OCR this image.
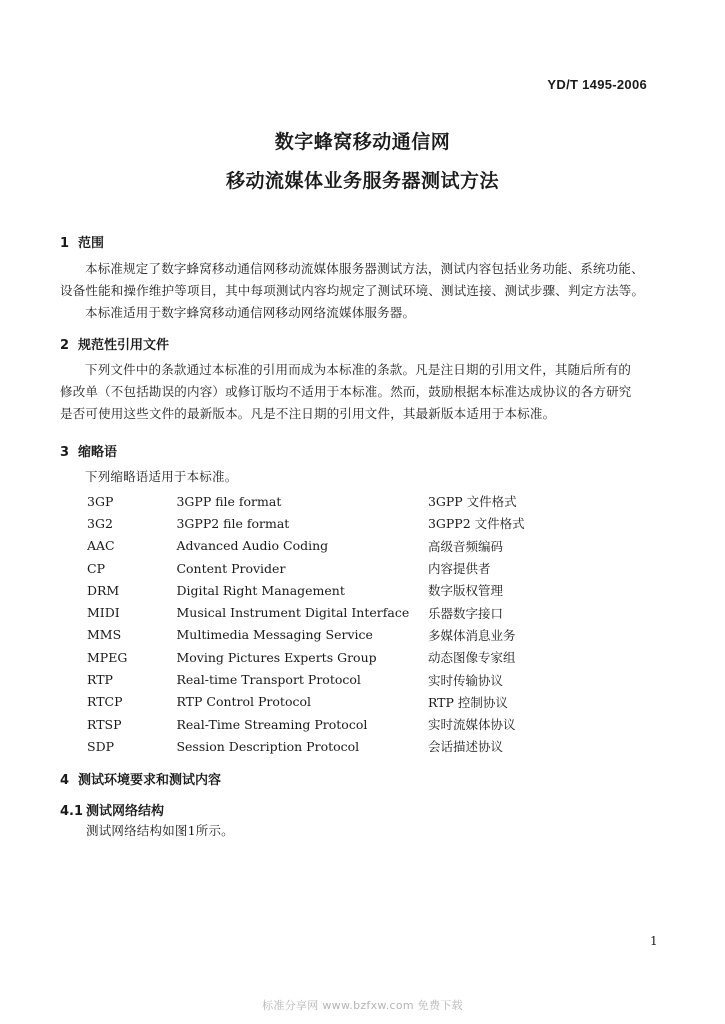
YD/T 1495-2006
数字蜂窝移动通信网
移动流媒体业务服务器测试方法
1 范围
本标准规定了数字蜂窝移动通信网移动流媒体服务器测试方法，测试内容包括业务功能、系统功能、
设备性能和操作维护等项目，其中每项测试内容均规定了测试环境、测试连接、测试步骤、判定方法等。
本标准适用于数字蜂窝移动通信网移动网络流媒体服务器。
2 规范性引用文件
下列文件中的条款通过本标准的引用而成为本标准的条款。凡是注日期的引用文件，其随后所有的
修改单（不包括勘误的内容）或修订版均不适用于本标准。然而，鼓励根据本标准达成协议的各方研究
是否可使用这些文件的最新版本。凡是不注日期的引用文件，其最新版本适用于本标准。
3 缩略语
下列缩略语适用于本标准。
3GP	3GPP file format	3GPP 文件格式
3G2	3GPP2 file format	3GPP2 文件格式
AAC	Advanced Audio Coding	高级音频编码
CP	Content Provider	内容提供者
DRM	Digital Right Management	数字版权管理
MIDI	Musical Instrument Digital Interface	乐器数字接口
MMS	Multimedia Messaging Service	多媒体消息业务
MPEG	Moving Pictures Experts Group	动态图像专家组
RTP	Real-time Transport Protocol	实时传输协议
RTCP	RTP Control Protocol	RTP 控制协议
RTSP	Real-Time Streaming Protocol	实时流媒体协议
SDP	Session Description Protocol	会话描述协议
4 测试环境要求和测试内容
4.1 测试网络结构
测试网络结构如图1所示。
1
标准分享网 www.bzfxw.com 免费下载
